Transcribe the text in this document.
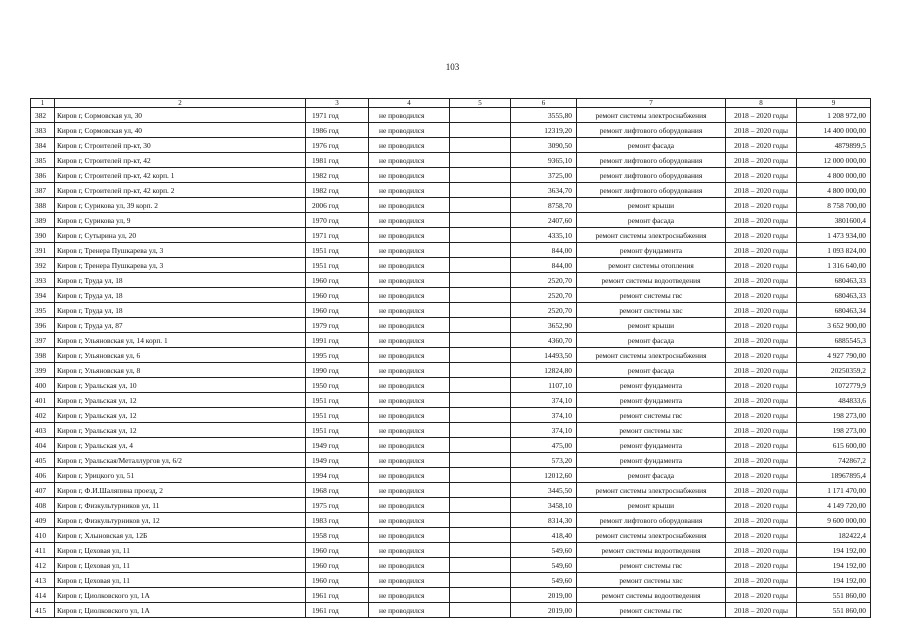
103
1	2	3	4	5	6	7	8	9
382	Киров г, Сормовская ул, 30	1971 год	не проводился		3555,80	ремонт системы электроснабжения	2018 – 2020 годы	1 208 972,00
383	Киров г, Сормовская ул, 40	1986 год	не проводился		12319,20	ремонт лифтового оборудования	2018 – 2020 годы	14 400 000,00
384	Киров г, Строителей пр-кт, 30	1976 год	не проводился		3090,50	ремонт фасада	2018 – 2020 годы	4879899,5
385	Киров г, Строителей пр-кт, 42	1981 год	не проводился		9365,10	ремонт лифтового оборудования	2018 – 2020 годы	12 000 000,00
386	Киров г, Строителей пр-кт, 42 корп. 1	1982 год	не проводился		3725,00	ремонт лифтового оборудования	2018 – 2020 годы	4 800 000,00
387	Киров г, Строителей пр-кт, 42 корп. 2	1982 год	не проводился		3634,70	ремонт лифтового оборудования	2018 – 2020 годы	4 800 000,00
388	Киров г, Сурикова ул, 39 корп. 2	2006 год	не проводился		8758,70	ремонт крыши	2018 – 2020 годы	8 758 700,00
389	Киров г, Сурикова ул, 9	1970 год	не проводился		2407,60	ремонт фасада	2018 – 2020 годы	3801600,4
390	Киров г, Сутырина ул, 20	1971 год	не проводился		4335,10	ремонт системы электроснабжения	2018 – 2020 годы	1 473 934,00
391	Киров г, Тренера Пушкарева ул, 3	1951 год	не проводился		844,00	ремонт фундамента	2018 – 2020 годы	1 093 824,00
392	Киров г, Тренера Пушкарева ул, 3	1951 год	не проводился		844,00	ремонт системы отопления	2018 – 2020 годы	1 316 640,00
393	Киров г, Труда ул, 18	1960 год	не проводился		2520,70	ремонт системы водоотведения	2018 – 2020 годы	680463,33
394	Киров г, Труда ул, 18	1960 год	не проводился		2520,70	ремонт системы гвс	2018 – 2020 годы	680463,33
395	Киров г, Труда ул, 18	1960 год	не проводился		2520,70	ремонт системы хвс	2018 – 2020 годы	680463,34
396	Киров г, Труда ул, 87	1979 год	не проводился		3652,90	ремонт крыши	2018 – 2020 годы	3 652 900,00
397	Киров г, Ульяновская ул, 14 корп. 1	1991 год	не проводился		4360,70	ремонт фасада	2018 – 2020 годы	6885545,3
398	Киров г, Ульяновская ул, 6	1995 год	не проводился		14493,50	ремонт системы электроснабжения	2018 – 2020 годы	4 927 790,00
399	Киров г, Ульяновская ул, 8	1990 год	не проводился		12824,80	ремонт фасада	2018 – 2020 годы	20250359,2
400	Киров г, Уральская ул, 10	1950 год	не проводился		1107,10	ремонт фундамента	2018 – 2020 годы	1072779,9
401	Киров г, Уральская ул, 12	1951 год	не проводился		374,10	ремонт фундамента	2018 – 2020 годы	484833,6
402	Киров г, Уральская ул, 12	1951 год	не проводился		374,10	ремонт системы гвс	2018 – 2020 годы	198 273,00
403	Киров г, Уральская ул, 12	1951 год	не проводился		374,10	ремонт системы хвс	2018 – 2020 годы	198 273,00
404	Киров г, Уральская ул, 4	1949 год	не проводился		475,00	ремонт фундамента	2018 – 2020 годы	615 600,00
405	Киров г, Уральская/Металлургов ул, 6/2	1949 год	не проводился		573,20	ремонт фундамента	2018 – 2020 годы	742867,2
406	Киров г, Урицкого ул, 51	1994 год	не проводился		12012,60	ремонт фасада	2018 – 2020 годы	18967895,4
407	Киров г, Ф.И.Шаляпина проезд, 2	1968 год	не проводился		3445,50	ремонт системы электроснабжения	2018 – 2020 годы	1 171 470,00
408	Киров г, Физкультурников ул, 11	1975 год	не проводился		3458,10	ремонт крыши	2018 – 2020 годы	4 149 720,00
409	Киров г, Физкультурников ул, 12	1983 год	не проводился		8314,30	ремонт лифтового оборудования	2018 – 2020 годы	9 600 000,00
410	Киров г, Хлыновская ул, 12Б	1958 год	не проводился		418,40	ремонт системы электроснабжения	2018 – 2020 годы	182422,4
411	Киров г, Цеховая ул, 11	1960 год	не проводился		549,60	ремонт системы водоотведения	2018 – 2020 годы	194 192,00
412	Киров г, Цеховая ул, 11	1960 год	не проводился		549,60	ремонт системы гвс	2018 – 2020 годы	194 192,00
413	Киров г, Цеховая ул, 11	1960 год	не проводился		549,60	ремонт системы хвс	2018 – 2020 годы	194 192,00
414	Киров г, Циолковского ул, 1А	1961 год	не проводился		2019,00	ремонт системы водоотведения	2018 – 2020 годы	551 860,00
415	Киров г, Циолковского ул, 1А	1961 год	не проводился		2019,00	ремонт системы гвс	2018 – 2020 годы	551 860,00
